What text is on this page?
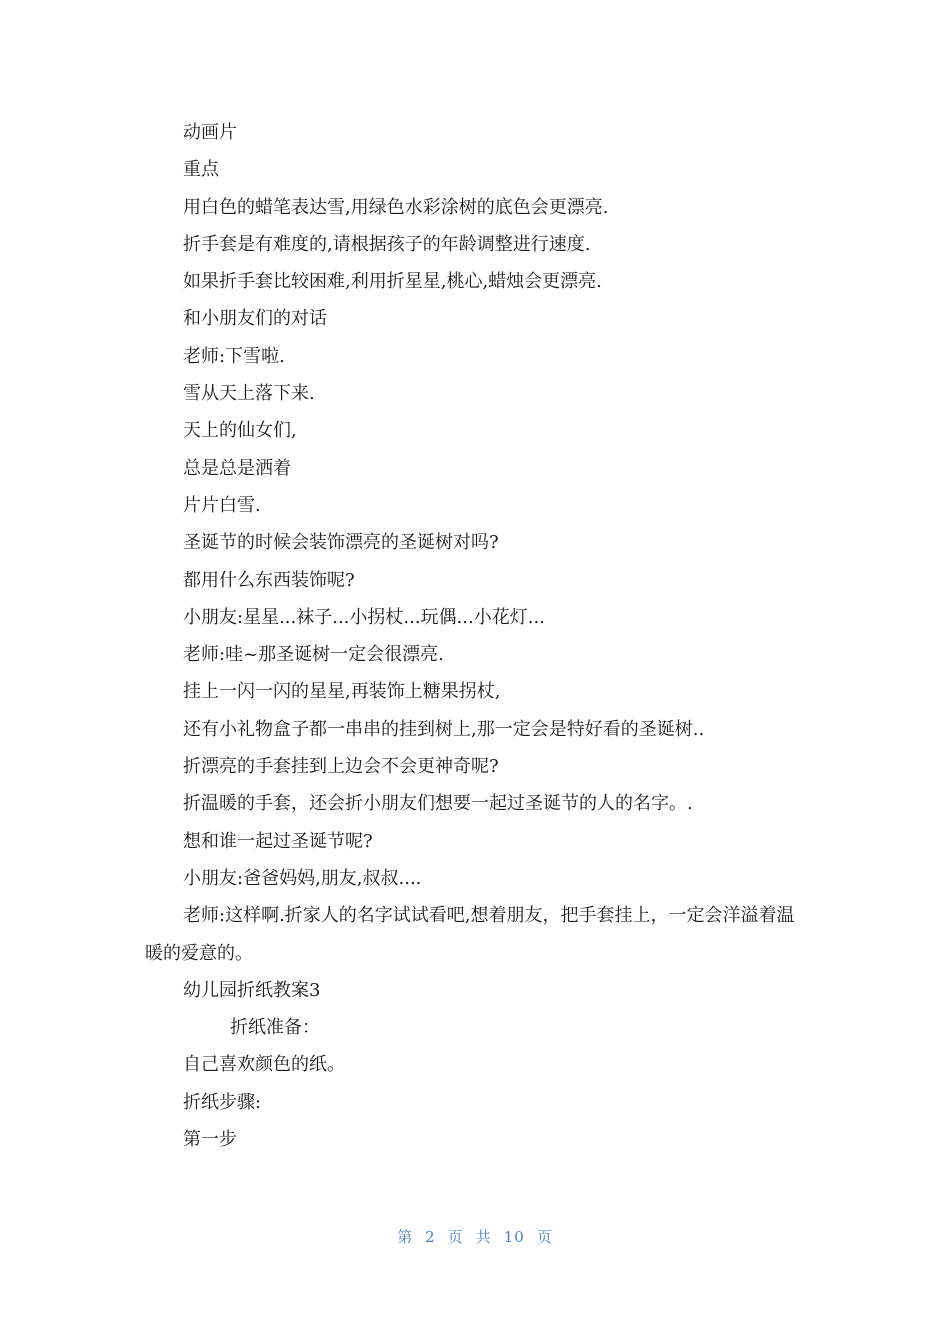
动画片
重点
用白色的蜡笔表达雪,用绿色水彩涂树的底色会更漂亮.
折手套是有难度的,请根据孩子的年龄调整进行速度.
如果折手套比较困难,利用折星星,桃心,蜡烛会更漂亮.
和小朋友们的对话
老师:下雪啦.
雪从天上落下来.
天上的仙女们,
总是总是洒着
片片白雪.
圣诞节的时候会装饰漂亮的圣诞树对吗?
都用什么东西装饰呢?
小朋友:星星...袜子...小拐杖...玩偶...小花灯...
老师:哇~那圣诞树一定会很漂亮.
挂上一闪一闪的星星,再装饰上糖果拐杖,
还有小礼物盒子都一串串的挂到树上,那一定会是特好看的圣诞树..
折漂亮的手套挂到上边会不会更神奇呢?
折温暖的手套，还会折小朋友们想要一起过圣诞节的人的名字。.
想和谁一起过圣诞节呢?
小朋友:爸爸妈妈,朋友,叔叔....
老师:这样啊.折家人的名字试试看吧,想着朋友，把手套挂上，一定会洋溢着温暖的爱意的。
幼儿园折纸教案3
折纸准备：
自己喜欢颜色的纸。
折纸步骤:
第一步
第 2 页 共 10 页
